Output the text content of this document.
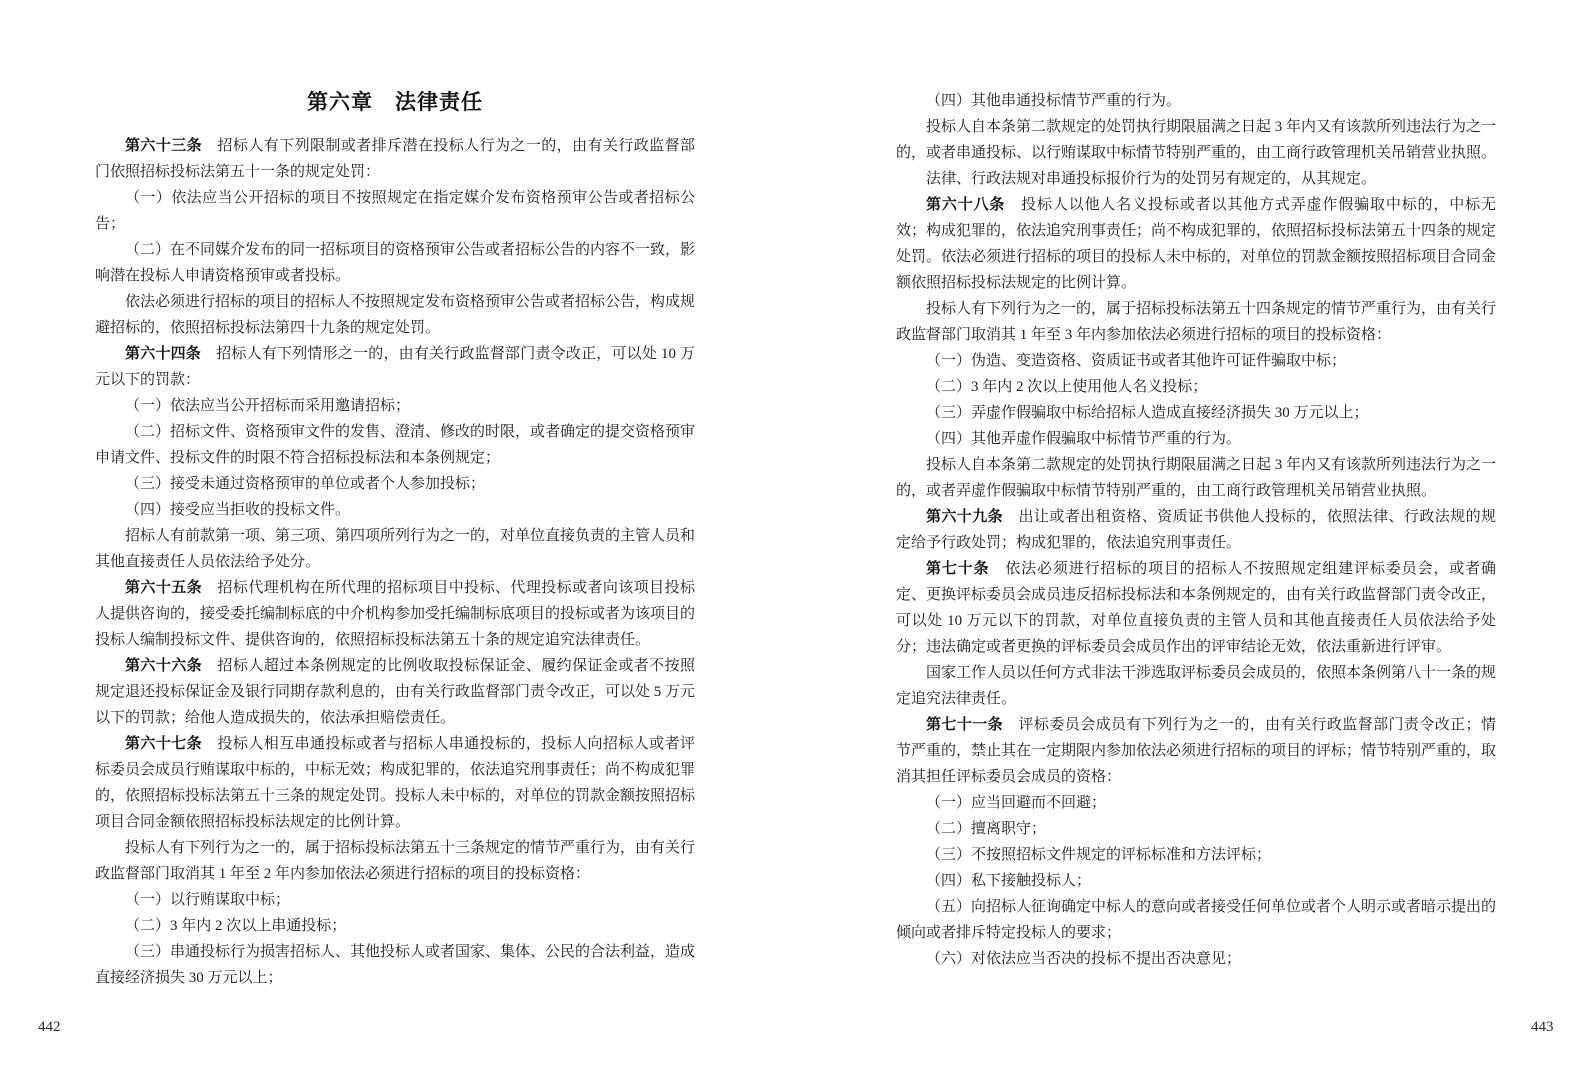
第六章　法律责任

第六十三条　招标人有下列限制或者排斥潜在投标人行为之一的，由有关行政监督部门依照招标投标法第五十一条的规定处罚：

（一）依法应当公开招标的项目不按照规定在指定媒介发布资格预审公告或者招标公告；

（二）在不同媒介发布的同一招标项目的资格预审公告或者招标公告的内容不一致，影响潜在投标人申请资格预审或者投标。

依法必须进行招标的项目的招标人不按照规定发布资格预审公告或者招标公告，构成规避招标的，依照招标投标法第四十九条的规定处罚。

第六十四条　招标人有下列情形之一的，由有关行政监督部门责令改正，可以处 10 万元以下的罚款：

（一）依法应当公开招标而采用邀请招标；

（二）招标文件、资格预审文件的发售、澄清、修改的时限，或者确定的提交资格预审申请文件、投标文件的时限不符合招标投标法和本条例规定；

（三）接受未通过资格预审的单位或者个人参加投标；

（四）接受应当拒收的投标文件。

招标人有前款第一项、第三项、第四项所列行为之一的，对单位直接负责的主管人员和其他直接责任人员依法给予处分。

第六十五条　招标代理机构在所代理的招标项目中投标、代理投标或者向该项目投标人提供咨询的，接受委托编制标底的中介机构参加受托编制标底项目的投标或者为该项目的投标人编制投标文件、提供咨询的，依照招标投标法第五十条的规定追究法律责任。

第六十六条　招标人超过本条例规定的比例收取投标保证金、履约保证金或者不按照规定退还投标保证金及银行同期存款利息的，由有关行政监督部门责令改正，可以处 5 万元以下的罚款；给他人造成损失的，依法承担赔偿责任。

第六十七条　投标人相互串通投标或者与招标人串通投标的，投标人向招标人或者评标委员会成员行贿谋取中标的，中标无效；构成犯罪的，依法追究刑事责任；尚不构成犯罪的，依照招标投标法第五十三条的规定处罚。投标人未中标的，对单位的罚款金额按照招标项目合同金额依照招标投标法规定的比例计算。

投标人有下列行为之一的，属于招标投标法第五十三条规定的情节严重行为，由有关行政监督部门取消其 1 年至 2 年内参加依法必须进行招标的项目的投标资格：

（一）以行贿谋取中标；

（二）3 年内 2 次以上串通投标；

（三）串通投标行为损害招标人、其他投标人或者国家、集体、公民的合法利益，造成直接经济损失 30 万元以上；

（四）其他串通投标情节严重的行为。

投标人自本条第二款规定的处罚执行期限届满之日起 3 年内又有该款所列违法行为之一的，或者串通投标、以行贿谋取中标情节特别严重的，由工商行政管理机关吊销营业执照。

法律、行政法规对串通投标报价行为的处罚另有规定的，从其规定。

第六十八条　投标人以他人名义投标或者以其他方式弄虚作假骗取中标的，中标无效；构成犯罪的，依法追究刑事责任；尚不构成犯罪的，依照招标投标法第五十四条的规定处罚。依法必须进行招标的项目的投标人未中标的，对单位的罚款金额按照招标项目合同金额依照招标投标法规定的比例计算。

投标人有下列行为之一的，属于招标投标法第五十四条规定的情节严重行为，由有关行政监督部门取消其 1 年至 3 年内参加依法必须进行招标的项目的投标资格：

（一）伪造、变造资格、资质证书或者其他许可证件骗取中标；

（二）3 年内 2 次以上使用他人名义投标；

（三）弄虚作假骗取中标给招标人造成直接经济损失 30 万元以上；

（四）其他弄虚作假骗取中标情节严重的行为。

投标人自本条第二款规定的处罚执行期限届满之日起 3 年内又有该款所列违法行为之一的，或者弄虚作假骗取中标情节特别严重的，由工商行政管理机关吊销营业执照。

第六十九条　出让或者出租资格、资质证书供他人投标的，依照法律、行政法规的规定给予行政处罚；构成犯罪的，依法追究刑事责任。

第七十条　依法必须进行招标的项目的招标人不按照规定组建评标委员会，或者确定、更换评标委员会成员违反招标投标法和本条例规定的，由有关行政监督部门责令改正，可以处 10 万元以下的罚款，对单位直接负责的主管人员和其他直接责任人员依法给予处分；违法确定或者更换的评标委员会成员作出的评审结论无效，依法重新进行评审。

国家工作人员以任何方式非法干涉选取评标委员会成员的，依照本条例第八十一条的规定追究法律责任。

第七十一条　评标委员会成员有下列行为之一的，由有关行政监督部门责令改正；情节严重的，禁止其在一定期限内参加依法必须进行招标的项目的评标；情节特别严重的，取消其担任评标委员会成员的资格：

（一）应当回避而不回避；

（二）擅离职守；

（三）不按照招标文件规定的评标标准和方法评标；

（四）私下接触投标人；

（五）向招标人征询确定中标人的意向或者接受任何单位或者个人明示或者暗示提出的倾向或者排斥特定投标人的要求；

（六）对依法应当否决的投标不提出否决意见；

442	443
